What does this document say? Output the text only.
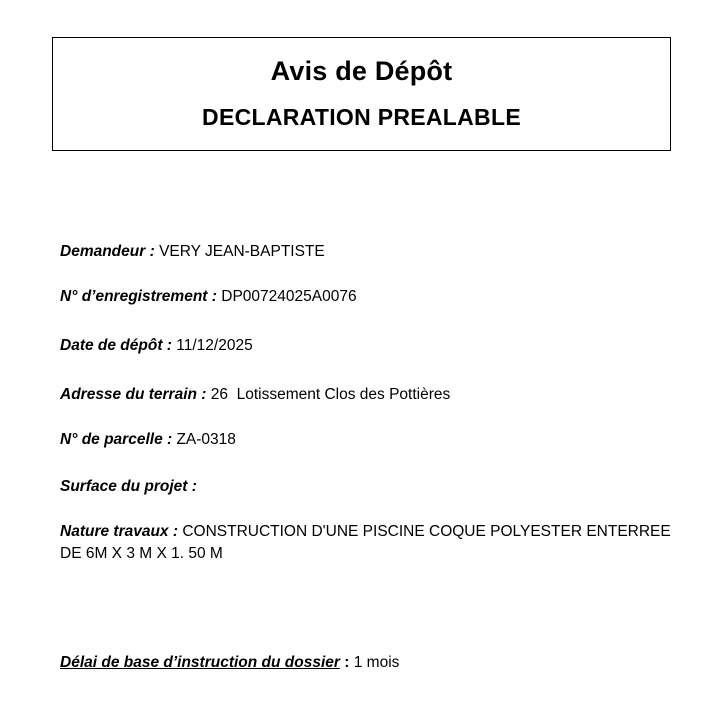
Avis de Dépôt
DECLARATION PREALABLE
Demandeur : VERY JEAN-BAPTISTE
N° d’enregistrement : DP00724025A0076
Date de dépôt : 11/12/2025
Adresse du terrain : 26  Lotissement Clos des Pottières
N° de parcelle : ZA-0318
Surface du projet :
Nature travaux : CONSTRUCTION D'UNE PISCINE COQUE POLYESTER ENTERREE DE 6M X 3 M X 1. 50 M
Délai de base d’instruction du dossier : 1 mois
